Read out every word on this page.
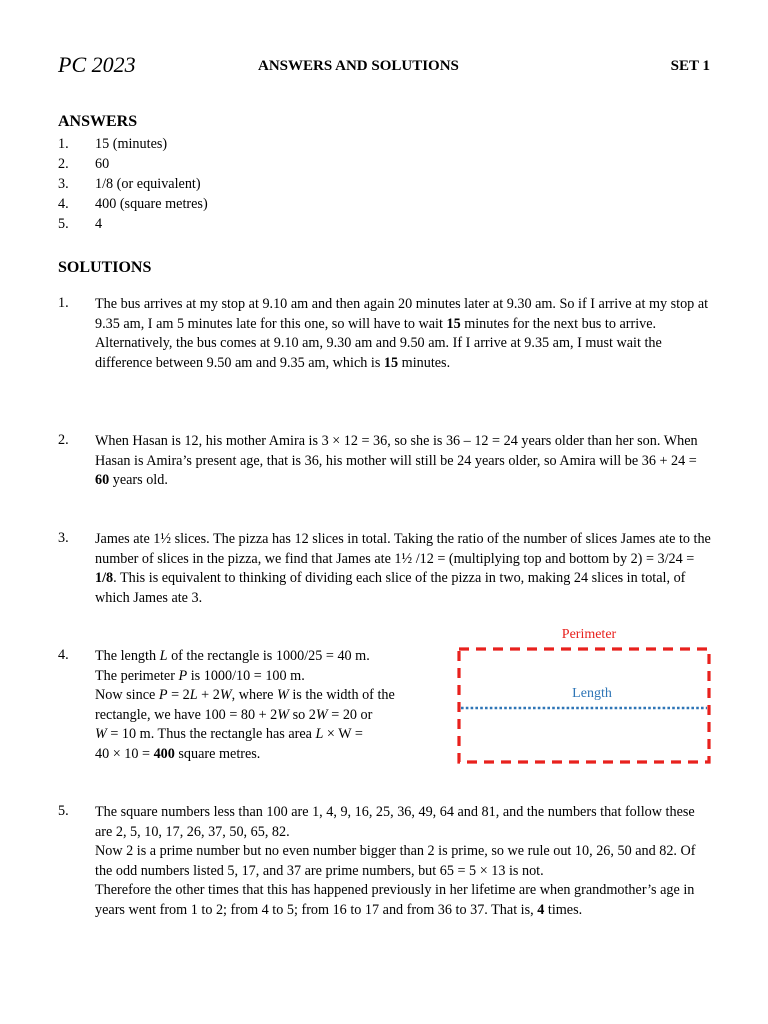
PC 2023	ANSWERS AND SOLUTIONS	SET 1
ANSWERS
1.	15 (minutes)
2.	60
3.	1/8 (or equivalent)
4.	400 (square metres)
5.	4
SOLUTIONS
1. The bus arrives at my stop at 9.10 am and then again 20 minutes later at 9.30 am. So if I arrive at my stop at 9.35 am, I am 5 minutes late for this one, so will have to wait 15 minutes for the next bus to arrive.

Alternatively, the bus comes at 9.10 am, 9.30 am and 9.50 am. If I arrive at 9.35 am, I must wait the difference between 9.50 am and 9.35 am, which is 15 minutes.

2. When Hasan is 12, his mother Amira is 3 × 12 = 36, so she is 36 – 12 = 24 years older than her son. When Hasan is Amira’s present age, that is 36, his mother will still be 24 years older, so Amira will be 36 + 24 = 60 years old.

3. James ate 1½ slices. The pizza has 12 slices in total. Taking the ratio of the number of slices James ate to the number of slices in the pizza, we find that James ate 1½ /12 = (multiplying top and bottom by 2) = 3/24 = 1/8. This is equivalent to thinking of dividing each slice of the pizza in two, making 24 slices in total, of which James ate 3.

4. The length L of the rectangle is 1000/25 = 40 m.

The perimeter P is 1000/10 = 100 m.

Now since P = 2L + 2W, where W is the width of the

rectangle, we have 100 = 80 + 2W so 2W = 20 or

W = 10 m. Thus the rectangle has area L × W =

40 × 10 = 400 square metres.

Perimeter
Length
5. The square numbers less than 100 are 1, 4, 9, 16, 25, 36, 49, 64 and 81, and the numbers that follow these are 2, 5, 10, 17, 26, 37, 50, 65, 82.

Now 2 is a prime number but no even number bigger than 2 is prime, so we rule out 10, 26, 50 and 82. Of the odd numbers listed 5, 17, and 37 are prime numbers, but 65 = 5 × 13 is not.

Therefore the other times that this has happened previously in her lifetime are when grandmother’s age in years went from 1 to 2; from 4 to 5; from 16 to 17 and from 36 to 37. That is, 4 times.
